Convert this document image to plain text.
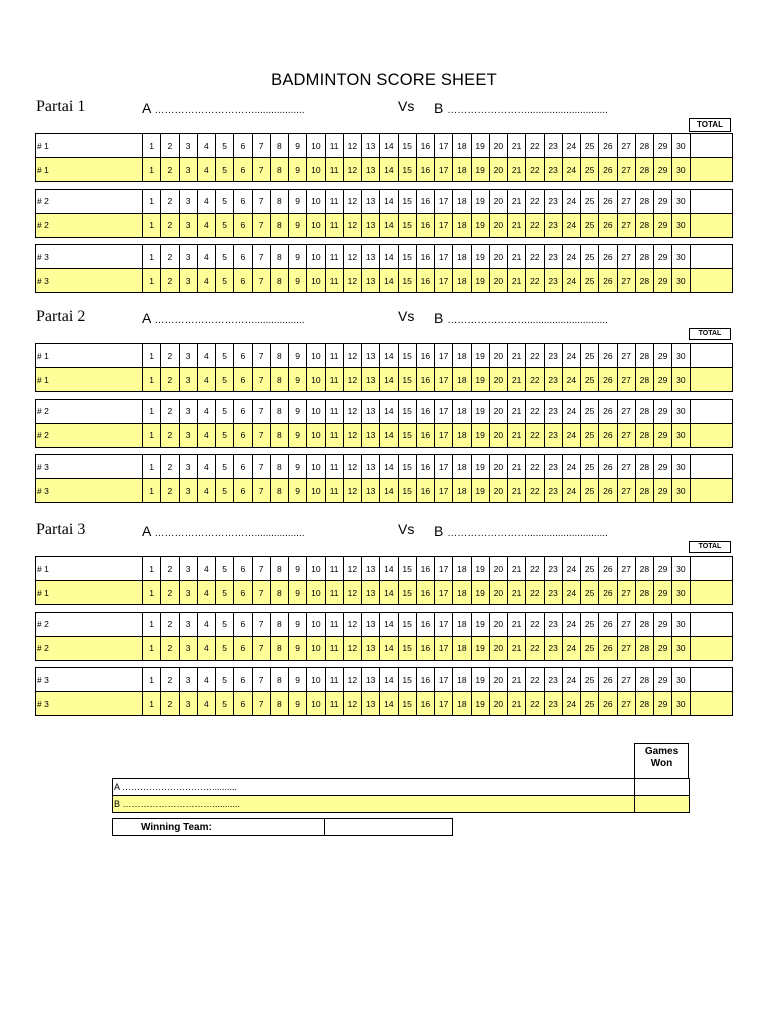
BADMINTON SCORE SHEET
Partai 1	A …………………………..................	Vs B …………………….............................
TOTAL
# 1	1	2	3	4	5	6	7	8	9	10	11	12	13	14	15	16	17	18	19	20	21	22	23	24	25	26	27	28	29	30	
# 1	1	2	3	4	5	6	7	8	9	10	11	12	13	14	15	16	17	18	19	20	21	22	23	24	25	26	27	28	29	30	
# 2	1	2	3	4	5	6	7	8	9	10	11	12	13	14	15	16	17	18	19	20	21	22	23	24	25	26	27	28	29	30	
# 2	1	2	3	4	5	6	7	8	9	10	11	12	13	14	15	16	17	18	19	20	21	22	23	24	25	26	27	28	29	30	
# 3	1	2	3	4	5	6	7	8	9	10	11	12	13	14	15	16	17	18	19	20	21	22	23	24	25	26	27	28	29	30	
# 3	1	2	3	4	5	6	7	8	9	10	11	12	13	14	15	16	17	18	19	20	21	22	23	24	25	26	27	28	29	30	
Partai 2	A …………………………..................	Vs B …………………….............................
TOTAL
# 1	1	2	3	4	5	6	7	8	9	10	11	12	13	14	15	16	17	18	19	20	21	22	23	24	25	26	27	28	29	30	
# 1	1	2	3	4	5	6	7	8	9	10	11	12	13	14	15	16	17	18	19	20	21	22	23	24	25	26	27	28	29	30	
# 2	1	2	3	4	5	6	7	8	9	10	11	12	13	14	15	16	17	18	19	20	21	22	23	24	25	26	27	28	29	30	
# 2	1	2	3	4	5	6	7	8	9	10	11	12	13	14	15	16	17	18	19	20	21	22	23	24	25	26	27	28	29	30	
# 3	1	2	3	4	5	6	7	8	9	10	11	12	13	14	15	16	17	18	19	20	21	22	23	24	25	26	27	28	29	30	
# 3	1	2	3	4	5	6	7	8	9	10	11	12	13	14	15	16	17	18	19	20	21	22	23	24	25	26	27	28	29	30	
Partai 3	A …………………………..................	Vs B …………………….............................
TOTAL
# 1	1	2	3	4	5	6	7	8	9	10	11	12	13	14	15	16	17	18	19	20	21	22	23	24	25	26	27	28	29	30	
# 1	1	2	3	4	5	6	7	8	9	10	11	12	13	14	15	16	17	18	19	20	21	22	23	24	25	26	27	28	29	30	
# 2	1	2	3	4	5	6	7	8	9	10	11	12	13	14	15	16	17	18	19	20	21	22	23	24	25	26	27	28	29	30	
# 2	1	2	3	4	5	6	7	8	9	10	11	12	13	14	15	16	17	18	19	20	21	22	23	24	25	26	27	28	29	30	
# 3	1	2	3	4	5	6	7	8	9	10	11	12	13	14	15	16	17	18	19	20	21	22	23	24	25	26	27	28	29	30	
# 3	1	2	3	4	5	6	7	8	9	10	11	12	13	14	15	16	17	18	19	20	21	22	23	24	25	26	27	28	29	30	
Games Won
A …………………………..........	
B …………………………...........	
Winning Team:	
